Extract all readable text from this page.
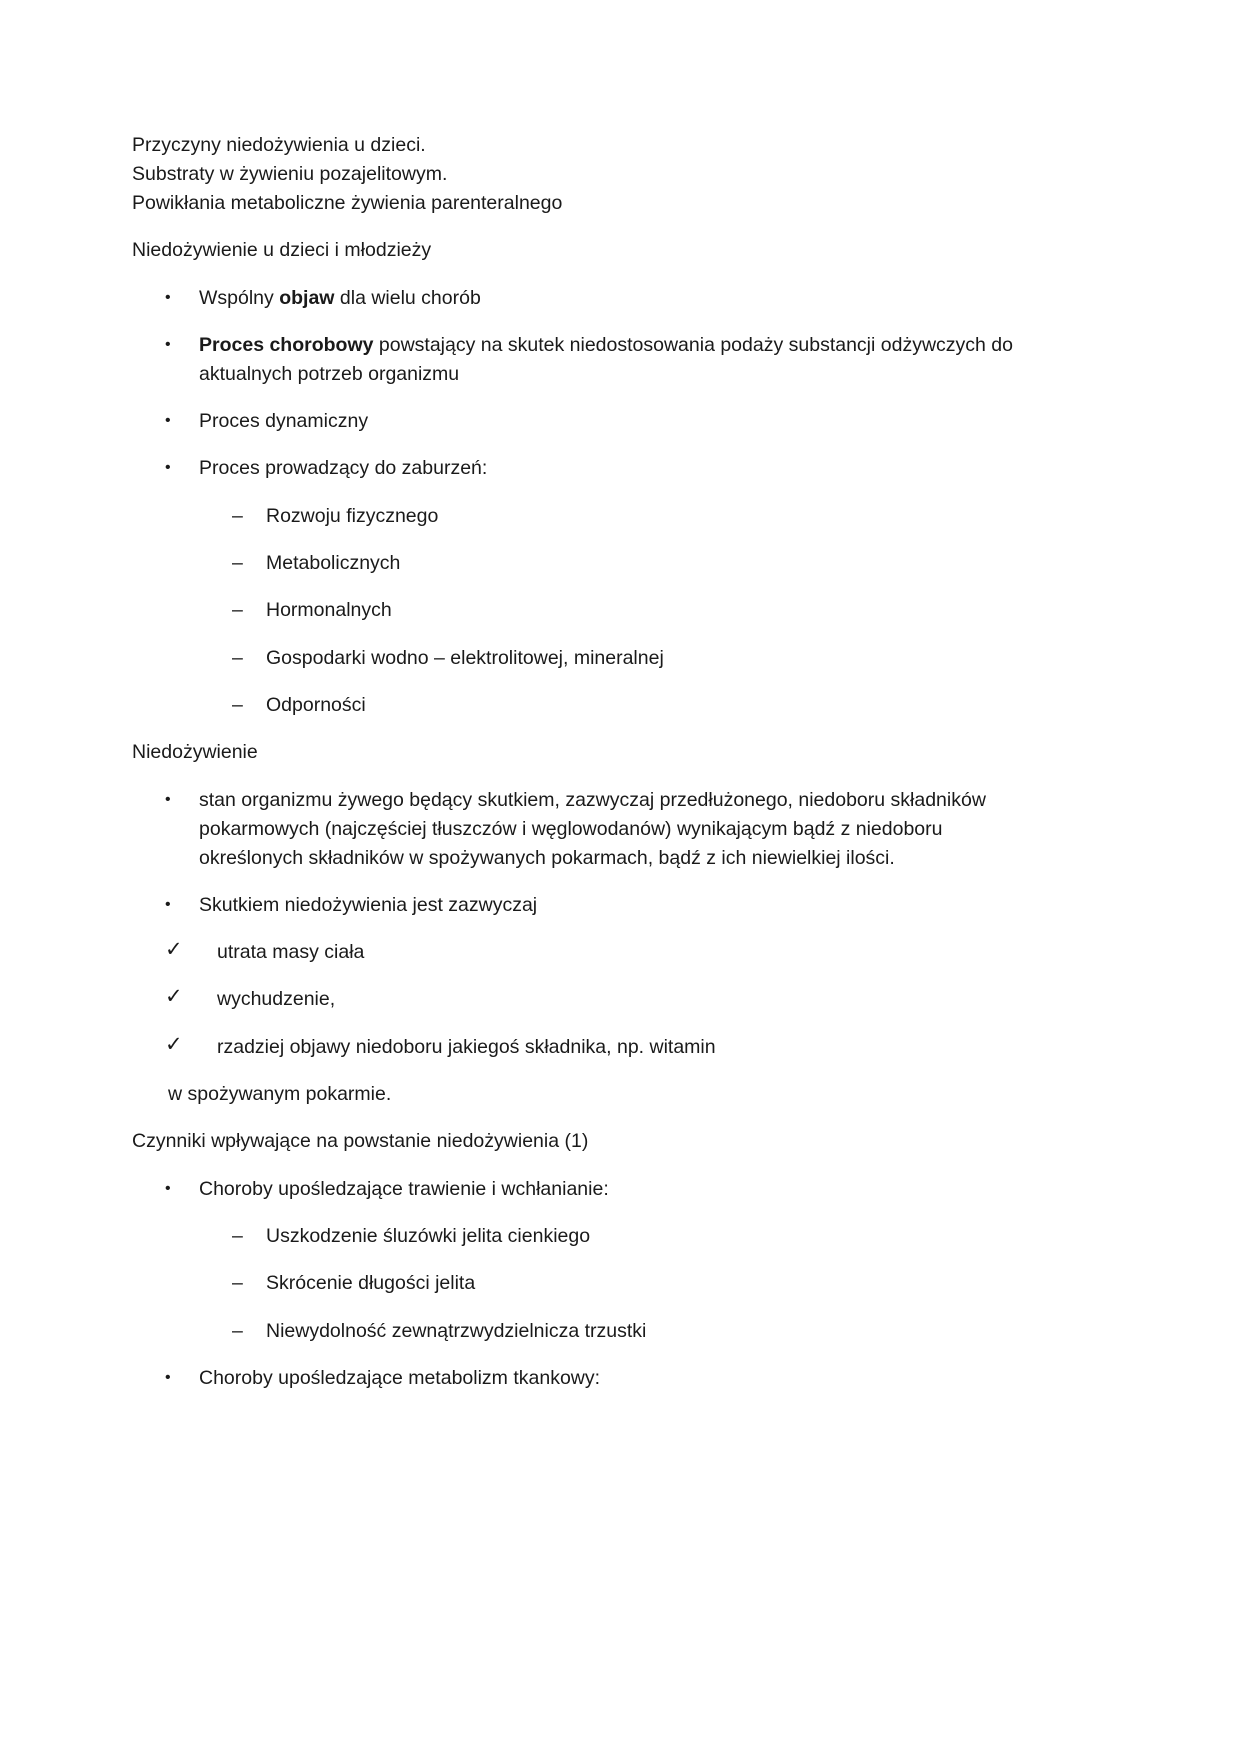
Przyczyny niedożywienia u dzieci.
Substraty w żywieniu pozajelitowym.
Powikłania metaboliczne żywienia parenteralnego
Niedożywienie u dzieci i młodzieży
• Wspólny objaw dla wielu chorób
• Proces chorobowy powstający na skutek niedostosowania podaży substancji odżywczych do
aktualnych potrzeb organizmu
• Proces dynamiczny
• Proces prowadzący do zaburzeń:
– Rozwoju fizycznego
– Metabolicznych
– Hormonalnych
– Gospodarki wodno – elektrolitowej, mineralnej
– Odporności
Niedożywienie
• stan organizmu żywego będący skutkiem, zazwyczaj przedłużonego, niedoboru składników
pokarmowych (najczęściej tłuszczów i węglowodanów) wynikającym bądź z niedoboru
określonych składników w spożywanych pokarmach, bądź z ich niewielkiej ilości.
• Skutkiem niedożywienia jest zazwyczaj
✓ utrata masy ciała
✓ wychudzenie,
✓ rzadziej objawy niedoboru jakiegoś składnika, np. witamin
w spożywanym pokarmie.
Czynniki wpływające na powstanie niedożywienia (1)
• Choroby upośledzające trawienie i wchłanianie:
– Uszkodzenie śluzówki jelita cienkiego
– Skrócenie długości jelita
– Niewydolność zewnątrzwydzielnicza trzustki
• Choroby upośledzające metabolizm tkankowy:
